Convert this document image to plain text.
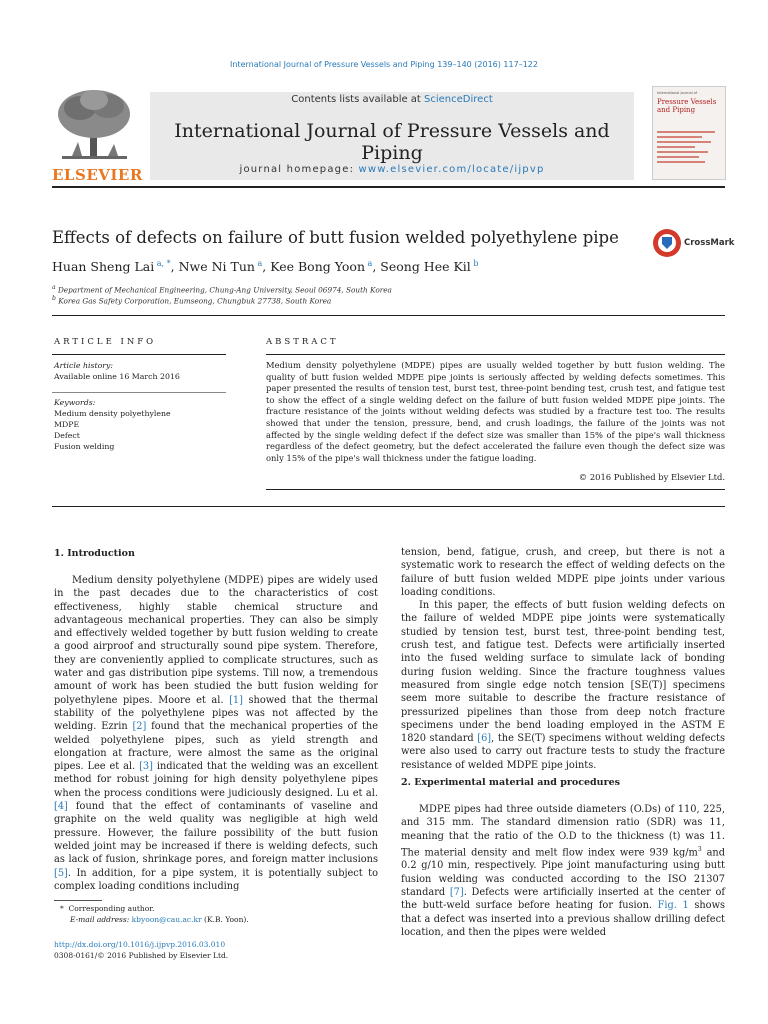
International Journal of Pressure Vessels and Piping 139–140 (2016) 117–122
ELSEVIER
Contents lists available at ScienceDirect
International Journal of Pressure Vessels and Piping
journal homepage: www.elsevier.com/locate/ijpvp
International Journal of
Pressure Vessels and Piping
Effects of defects on failure of butt fusion welded polyethylene pipe	CrossMark
Huan Sheng Lai $^{a, *}$, Nwe Ni Tun $^a$, Kee Bong Yoon $^a$, Seong Hee Kil $^b$
$^a$ Department of Mechanical Engineering, Chung-Ang University, Seoul 06974, South Korea
$^b$ Korea Gas Safety Corporation, Eumseong, Chungbuk 27738, South Korea
ARTICLE INFO
Article history:
Available online 16 March 2016
Keywords:
Medium density polyethylene
MDPE
Defect
Fusion welding
ABSTRACT
Medium density polyethylene (MDPE) pipes are usually welded together by butt fusion welding. The quality of butt fusion welded MDPE pipe joints is seriously affected by welding defects sometimes. This paper presented the results of tension test, burst test, three-point bending test, crush test, and fatigue test to show the effect of a single welding defect on the failure of butt fusion welded MDPE pipe joints. The fracture resistance of the joints without welding defects was studied by a fracture test too. The results showed that under the tension, pressure, bend, and crush loadings, the failure of the joints was not affected by the single welding defect if the defect size was smaller than 15% of the pipe's wall thickness regardless of the defect geometry, but the defect accelerated the failure even though the defect size was only 15% of the pipe's wall thickness under the fatigue loading.
© 2016 Published by Elsevier Ltd.
1. Introduction

Medium density polyethylene (MDPE) pipes are widely used in the past decades due to the characteristics of cost effectiveness, highly stable chemical structure and advantageous mechanical properties. They can also be simply and effectively welded together by butt fusion welding to create a good airproof and structurally sound pipe system. Therefore, they are conveniently applied to complicate structures, such as water and gas distribution pipe systems. Till now, a tremendous amount of work has been studied the butt fusion welding for polyethylene pipes. Moore et al. [1] showed that the thermal stability of the polyethylene pipes was not affected by the welding. Ezrin [2] found that the mechanical properties of the welded polyethylene pipes, such as yield strength and elongation at fracture, were almost the same as the original pipes. Lee et al. [3] indicated that the welding was an excellent method for robust joining for high density polyethylene pipes when the process conditions were judiciously designed. Lu et al. [4] found that the effect of contaminants of vaseline and graphite on the weld quality was negligible at high weld pressure. However, the failure possibility of the butt fusion welded joint may be increased if there is welding defects, such as lack of fusion, shrinkage pores, and foreign matter inclusions [5]. In addition, for a pipe system, it is potentially subject to complex loading conditions including

* Corresponding author.
E-mail address: kbyoon@cau.ac.kr (K.B. Yoon).
http://dx.doi.org/10.1016/j.ijpvp.2016.03.010
0308-0161/© 2016 Published by Elsevier Ltd.

tension, bend, fatigue, crush, and creep, but there is not a systematic work to research the effect of welding defects on the failure of butt fusion welded MDPE pipe joints under various loading conditions.

In this paper, the effects of butt fusion welding defects on the failure of welded MDPE pipe joints were systematically studied by tension test, burst test, three-point bending test, crush test, and fatigue test. Defects were artificially inserted into the fused welding surface to simulate lack of bonding during fusion welding. Since the fracture toughness values measured from single edge notch tension [SE(T)] specimens seem more suitable to describe the fracture resistance of pressurized pipelines than those from deep notch fracture specimens under the bend loading employed in the ASTM E 1820 standard [6], the SE(T) specimens without welding defects were also used to carry out fracture tests to study the fracture resistance of welded MDPE pipe joints.

2. Experimental material and procedures

MDPE pipes had three outside diameters (O.Ds) of 110, 225, and 315 mm. The standard dimension ratio (SDR) was 11, meaning that the ratio of the O.D to the thickness (t) was 11. The material density and melt flow index were 939 $kg/m^3$ and 0.2 g/10 min, respectively. Pipe joint manufacturing using butt fusion welding was conducted according to the ISO 21307 standard [7]. Defects were artificially inserted at the center of the butt-weld surface before heating for fusion. Fig. 1 shows that a defect was inserted into a previous shallow drilling defect location, and then the pipes were welded
